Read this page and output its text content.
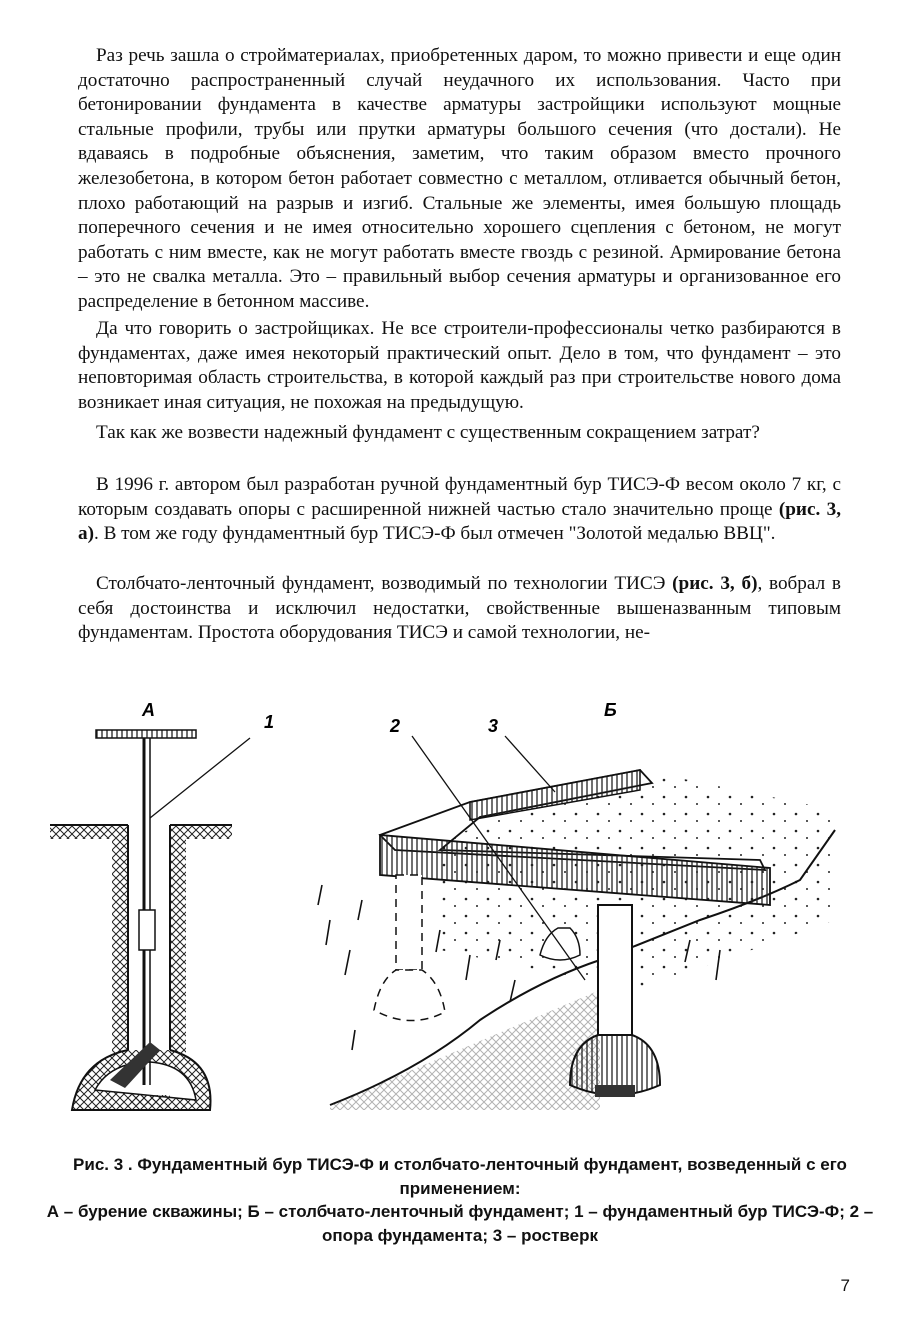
Раз речь зашла о стройматериалах, приобретенных даром, то можно привести и еще один достаточно распространенный случай неудачного их использования. Часто при бетонировании фундамента в качестве арматуры застройщики используют мощные стальные профили, трубы или прутки арматуры большого сечения (что достали). Не вдаваясь в подробные объяснения, заметим, что таким образом вместо прочного железобетона, в котором бетон работает совместно с металлом, отливается обычный бетон, плохо работающий на разрыв и изгиб. Стальные же элементы, имея большую площадь поперечного сечения и не имея относительно хорошего сцепления с бетоном, не могут работать с ним вместе, как не могут работать вместе гвоздь с резиной. Армирование бетона – это не свалка металла. Это – правильный выбор сечения арматуры и организованное его распределение в бетонном массиве.

Да что говорить о застройщиках. Не все строители-профессионалы четко разбираются в фундаментах, даже имея некоторый практический опыт. Дело в том, что фундамент – это неповторимая область строительства, в которой каждый раз при строительстве нового дома возникает иная ситуация, не похожая на предыдущую.

Так как же возвести надежный фундамент с существенным сокращением затрат?

В 1996 г. автором был разработан ручной фундаментный бур ТИСЭ-Ф весом около 7 кг, с которым создавать опоры с расширенной нижней частью стало значительно проще (рис. 3, а). В том же году фундаментный бур ТИСЭ-Ф был отмечен "Золотой медалью ВВЦ".

Столбчато-ленточный фундамент, возводимый по технологии ТИСЭ (рис. 3, б), вобрал в себя достоинства и исключил недостатки, свойственные вышеназванным типовым фундаментам. Простота оборудования ТИСЭ и самой технологии, не-

А
1	2	3
Б
Рис. 3 . Фундаментный бур ТИСЭ-Ф и столбчато-ленточный фундамент, возведенный с его применением:
А – бурение скважины; Б – столбчато-ленточный фундамент; 1 – фундаментный бур ТИСЭ-Ф; 2 – опора фундамента; 3 – ростверк
7
